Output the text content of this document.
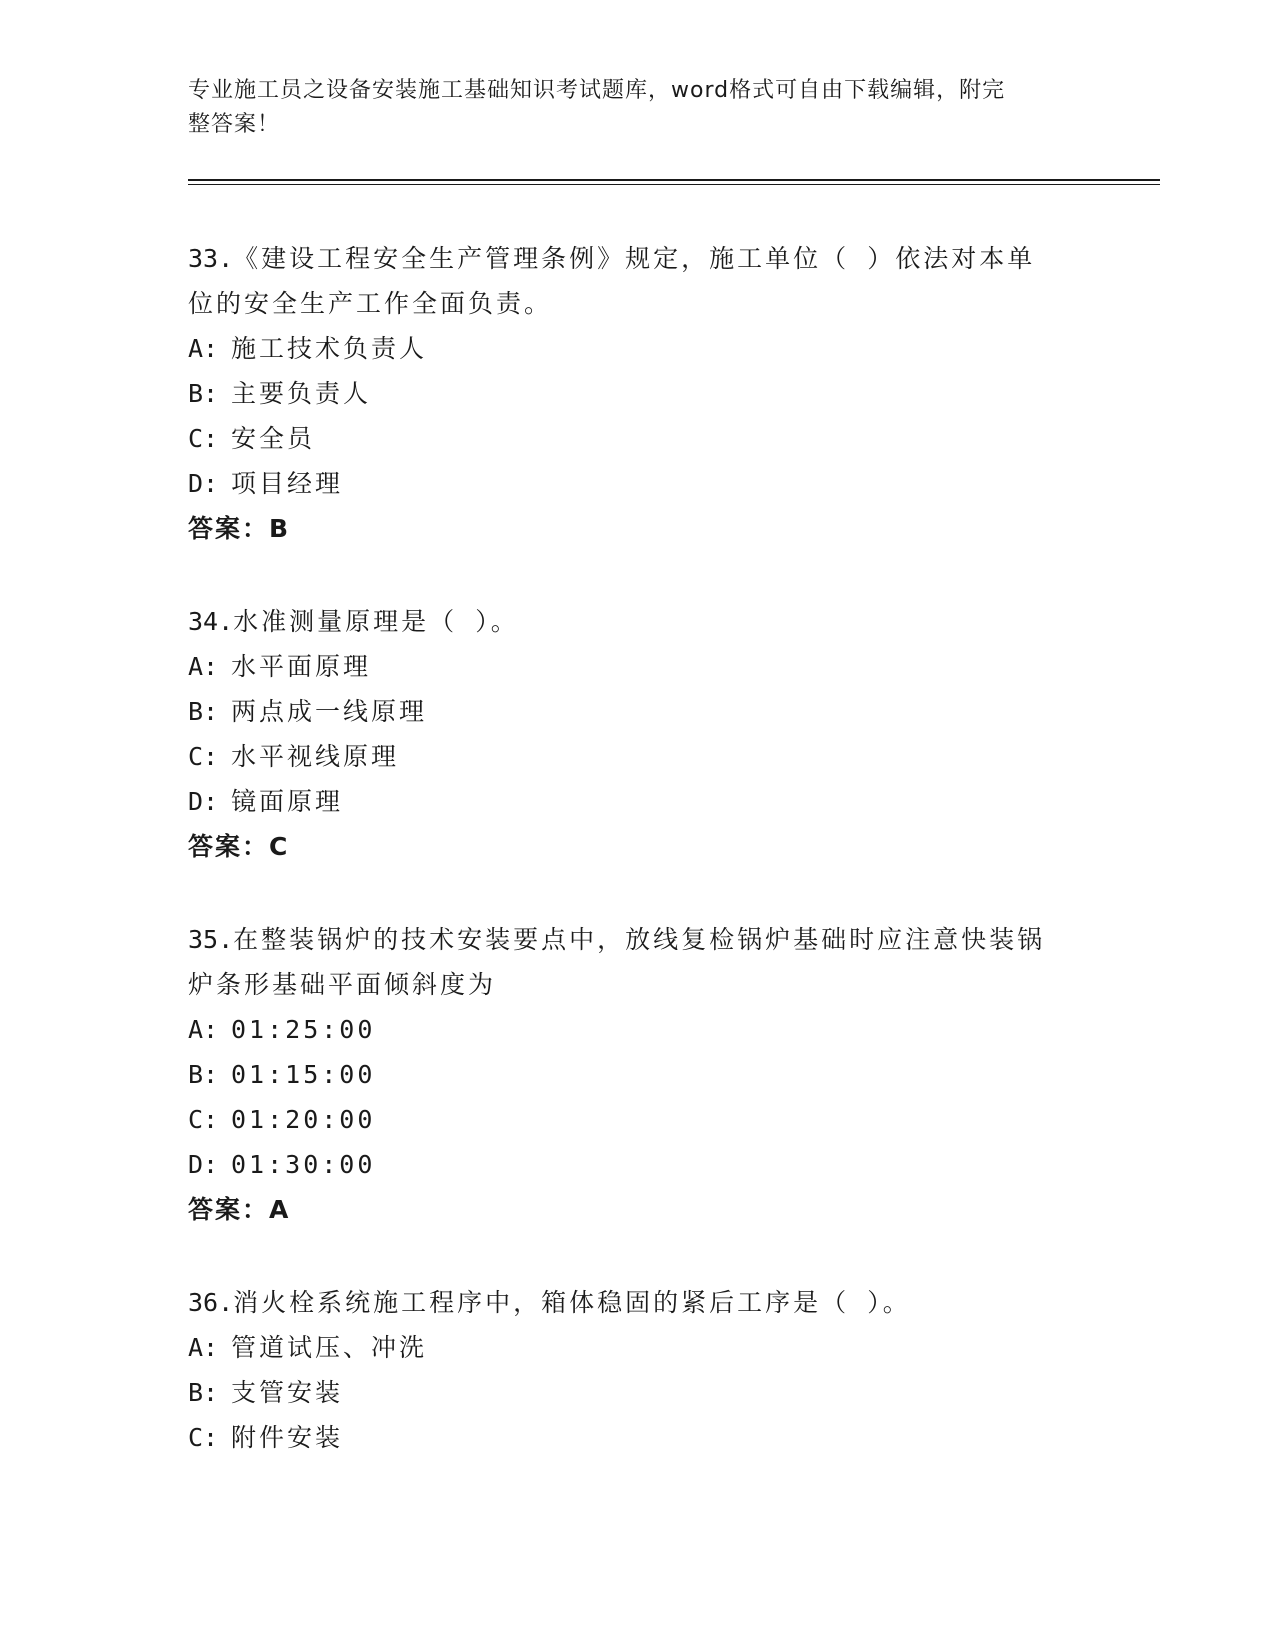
专业施工员之设备安装施工基础知识考试题库，word格式可自由下载编辑，附完
整答案！
33.《建设工程安全生产管理条例》规定，施工单位（ ）依法对本单
位的安全生产工作全面负责。
A: 施工技术负责人
B: 主要负责人
C: 安全员
D: 项目经理
答案：B
34.水准测量原理是（ ）。
A: 水平面原理
B: 两点成一线原理
C: 水平视线原理
D: 镜面原理
答案：C
35.在整装锅炉的技术安装要点中，放线复检锅炉基础时应注意快装锅
炉条形基础平面倾斜度为
A: 01:25:00
B: 01:15:00
C: 01:20:00
D: 01:30:00
答案：A
36.消火栓系统施工程序中，箱体稳固的紧后工序是（ ）。
A: 管道试压、冲洗
B: 支管安装
C: 附件安装
